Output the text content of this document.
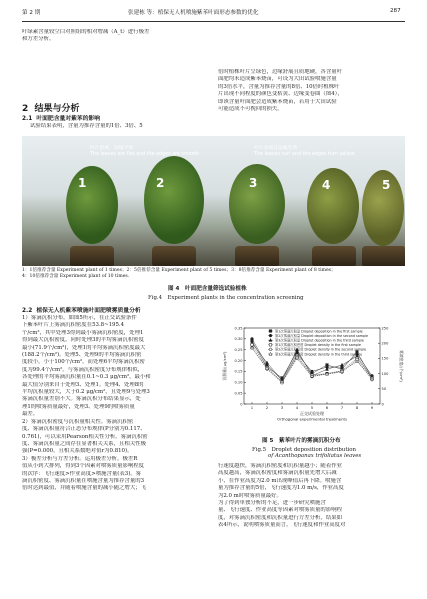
第 2 期	张建栋 等：植保无人机喷施紫苯叶面形态参数的优化	287
叶绿素含量较空白对照组的相对增减（A_t）进行极差
和方差分析。
2 结果与分析
2.1 叶面肥含量对紫苯的影响
试验结果表明，含量为推荐含量的1倍、3倍、5
倍时植株叶片呈绿色，边缘舒展且质地硬，各含量叶
面肥均未造成紫苯烧苗，可设为大田试验喷施含量
的3倍水平，含量为推荐含量的8倍、10倍时植株叶
片出现不同程度的颜色变枯黄、边缘变卷曲（图4），
即该含量叶面肥会造成紫苯烧苗，若用于大田试验
可能造成不可挽回的损失。
叶片舒展，边缘平滑
The leaves are flat and the edges are smooth
叶片卷曲且边缘变黄
The leaves curl and the edges turn yellow
1	2	3	4	5
1：1倍推荐含量 Experiment plant of 1 times；2：5倍推荐含量 Experiment plant of 5 times；3：8倍推荐含量 Experiment plant of 8 times；
4：10倍推荐含量 Experiment plant of 10 times.
图 4　叶面肥含量筛选试验植株
Fig.4　Experiment plants in the concentration screening
2.2 植保无人机紫苯喷施叶面肥喷雾质量分析
1）雾滴沉积分布。如图5所示，在正交试验条件
下紫苯叶片上雾滴沉积密度在53.8~195.4
个/cm²，其中处理3得到最小雾滴沉积密度，处理1
得到最大沉积密度，同时处理3的平均雾滴沉积密度
最小(71.9个/cm²)，处理1的平均雾滴沉积密度最大
(188.2个/cm²)。处理5、处理9的平均雾滴沉积密
度较小，小于100个/cm²，而处理6平均雾滴沉积密
度为99.4个/cm²。与雾滴沉积密度分布规律相似，
各处理的平均雾滴沉积量在0.1~0.3 μg/cm²，最小和
最大值分别来自于处理3、处理1。处理4、处理8的
平均沉积量较大，大于0.2 μg/cm²，且处理9与处理3
雾滴沉积量差别不大。雾滴沉积分布结果显示，处
理1的喷雾质量最好，处理3、处理9的喷雾质量
最差。
2）雾滴沉积密度与沉积量相关性。雾滴沉积密
度、雾滴沉积量符合正态分布规律(P分别为0.117、
0.761)，可以采用Pearson相关性分析。雾滴沉积密
度、雾滴沉积量之间存在显著相关关系，且相关性极
强(P=0.000，且相关系数绝对值r为0.810)。
3）极差分析与方差分析。运用极差分析，极差R
值从小到大排列，得到3个因素对喷雾质量影响程度
的次序：飞行速度>作业高度>喷施含量(表3)。雾
滴沉积密度、雾滴沉积量在喷施含量为推荐含量的3
倍时达到最值，并随着喷施含量的减小随之增大；飞
0
0.05
0.10
0.15
0.20
0.25
0.30
0.35
0
50
100
150
200
250
1	2	3	4	5	6	7	8	9
正交试验处理
Orthogonal experimental treatments
沉积量/(μg/cm²)	雾滴密度/(个/cm²)
第1次雾滴沉积量 Droplet deposition in the first sample
第2次雾滴沉积量 Droplet deposition in the second sample
第3次雾滴沉积量 Droplet deposition in the third sample
第1次雾滴沉积密度 Droplet density in the first sample
第2次雾滴沉积密度 Droplet density in the second sample
第3次雾滴沉积密度 Droplet density in the third sample
图 5　紫苯叶片的雾滴沉积分布
Fig.5　Droplet deposition distribution
of Acanthopanax trifoliatus leaves
行速度越快，雾滴沉积密度和沉积量越小；随着作业
高度越高，雾滴沉积密度和雾滴沉积量先增大后减
小，在作业高度为2.0 m出现峰值后再下降。喷施含
量为推荐含量的5倍，飞行速度为1.0 m/s，作业高度
为2.0 m时喷雾质量最好。
为了得到单独分析的不足，进一步研究喷施含
量、飞行速度、作业高度等因素对喷雾质量的影响程
度，对雾滴沉积密度和沉积量进行方差分析，结果如
表4所示，说明喷雾质量而言，飞行速度和作业高度对
